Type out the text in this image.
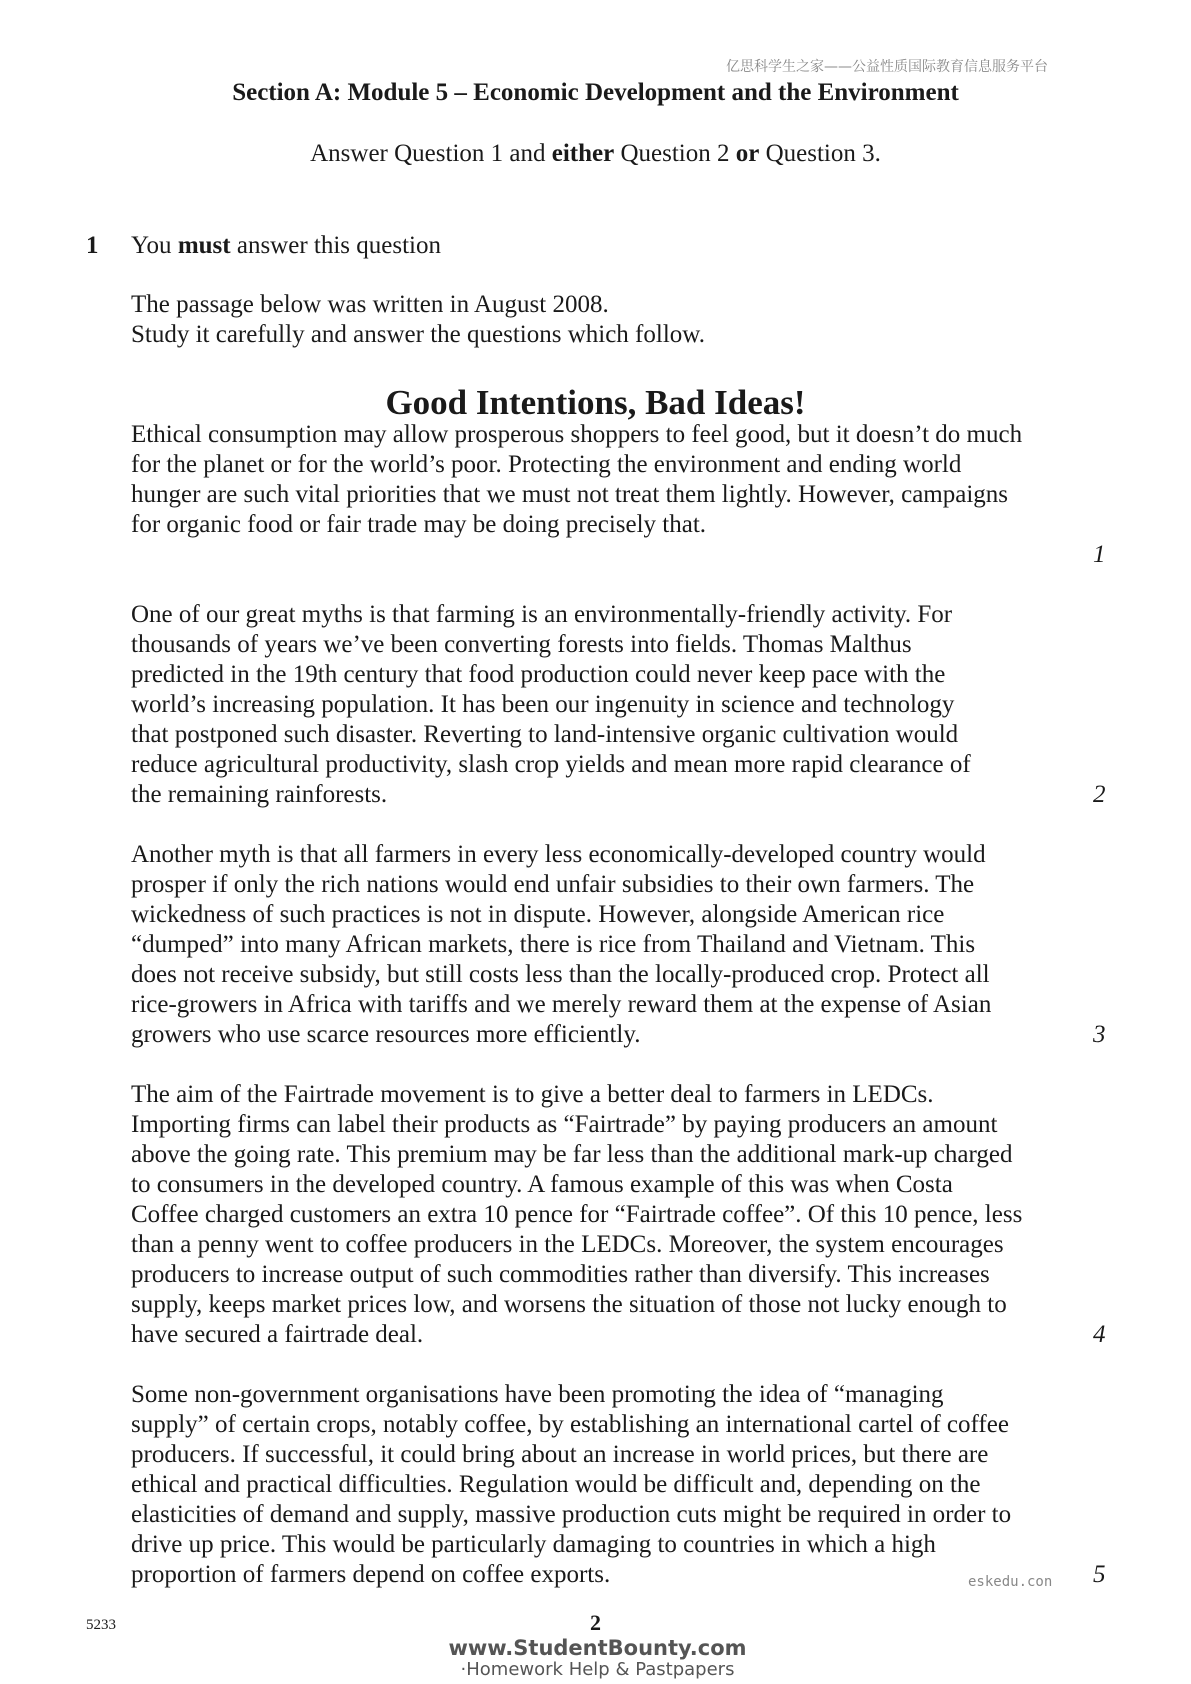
亿思科学生之家——公益性质国际教育信息服务平台
Section A: Module 5 – Economic Development and the Environment
Answer Question 1 and either Question 2 or Question 3.
1 You must answer this question
The passage below was written in August 2008.
Study it carefully and answer the questions which follow.
Good Intentions, Bad Ideas!
Ethical consumption may allow prosperous shoppers to feel good, but it doesn’t do much
for the planet or for the world’s poor. Protecting the environment and ending world
hunger are such vital priorities that we must not treat them lightly. However, campaigns
for organic food or fair trade may be doing precisely that.
1
One of our great myths is that farming is an environmentally-friendly activity. For
thousands of years we’ve been converting forests into fields. Thomas Malthus
predicted in the 19th century that food production could never keep pace with the
world’s increasing population. It has been our ingenuity in science and technology
that postponed such disaster. Reverting to land-intensive organic cultivation would
reduce agricultural productivity, slash crop yields and mean more rapid clearance of
the remaining rainforests.	2
Another myth is that all farmers in every less economically-developed country would
prosper if only the rich nations would end unfair subsidies to their own farmers. The
wickedness of such practices is not in dispute. However, alongside American rice
“dumped” into many African markets, there is rice from Thailand and Vietnam. This
does not receive subsidy, but still costs less than the locally-produced crop. Protect all
rice-growers in Africa with tariffs and we merely reward them at the expense of Asian
growers who use scarce resources more efficiently.	3
The aim of the Fairtrade movement is to give a better deal to farmers in LEDCs.
Importing firms can label their products as “Fairtrade” by paying producers an amount
above the going rate. This premium may be far less than the additional mark-up charged
to consumers in the developed country. A famous example of this was when Costa
Coffee charged customers an extra 10 pence for “Fairtrade coffee”. Of this 10 pence, less
than a penny went to coffee producers in the LEDCs. Moreover, the system encourages
producers to increase output of such commodities rather than diversify. This increases
supply, keeps market prices low, and worsens the situation of those not lucky enough to
have secured a fairtrade deal.	4
Some non-government organisations have been promoting the idea of “managing
supply” of certain crops, notably coffee, by establishing an international cartel of coffee
producers. If successful, it could bring about an increase in world prices, but there are
ethical and practical difficulties. Regulation would be difficult and, depending on the
elasticities of demand and supply, massive production cuts might be required in order to
drive up price. This would be particularly damaging to countries in which a high
proportion of farmers depend on coffee exports.	5
eskedu.con
5233	2
www.StudentBounty.com
·Homework Help & Pastpapers
